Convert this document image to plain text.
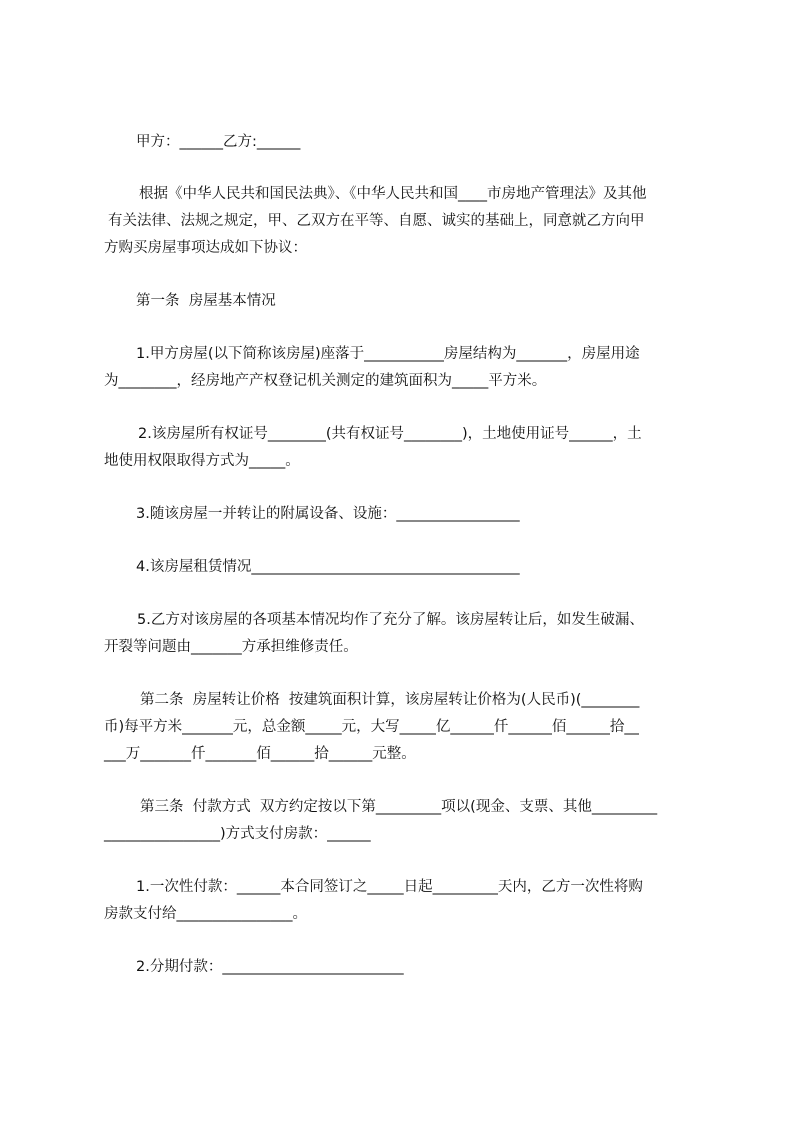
甲方：______乙方:______
根据《中华人民共和国民法典》、《中华人民共和国____市房地产管理法》及其他
有关法律、法规之规定，甲、乙双方在平等、自愿、诚实的基础上，同意就乙方向甲
方购买房屋事项达成如下协议：
第一条  房屋基本情况
1.甲方房屋(以下简称该房屋)座落于___________房屋结构为_______，房屋用途
为________，经房地产产权登记机关测定的建筑面积为_____平方米。
2.该房屋所有权证号________(共有权证号________)，土地使用证号______，土
地使用权限取得方式为_____。
3.随该房屋一并转让的附属设备、设施：_________________
4.该房屋租赁情况_____________________________________
5.乙方对该房屋的各项基本情况均作了充分了解。该房屋转让后，如发生破漏、
开裂等问题由_______方承担维修责任。
第二条  房屋转让价格  按建筑面积计算，该房屋转让价格为(人民币)(________
币)每平方米_______元，总金额_____元，大写_____亿______仟______佰______拾__
___万_______仟_______佰______拾______元整。
第三条  付款方式  双方约定按以下第_________项以(现金、支票、其他_________
________________)方式支付房款：______
1.一次性付款：______本合同签订之_____日起_________天内，乙方一次性将购
房款支付给________________。
2.分期付款：_________________________
